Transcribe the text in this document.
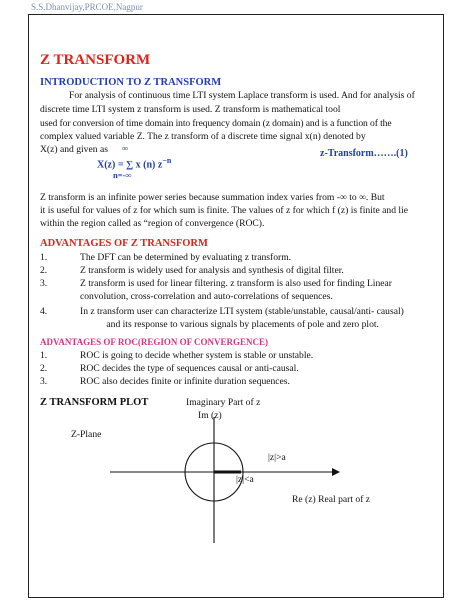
S.S.Dhanvijay,PRCOE,Nagpur
Z TRANSFORM
INTRODUCTION TO Z TRANSFORM
For analysis of continuous time LTI system Laplace transform is used. And for analysis of
discrete time LTI system z transform is used. Z transform is mathematical tool
used for conversion of time domain into frequency domain (z domain) and is a function of the
complex valued variable Z. The z transform of a discrete time signal x(n) denoted by
X(z) and given as ∞
X(z) = ∑ x (n) $z^{-n}$
n=-∞
z-Transform…….(1)
Z transform is an infinite power series because summation index varies from -∞ to ∞. But
it is useful for values of z for which sum is finite. The values of z for which f (z) is finite and lie
within the region called as “region of convergence (ROC).
ADVANTAGES OF Z TRANSFORM
1.	The DFT can be determined by evaluating z transform.
2.	Z transform is widely used for analysis and synthesis of digital filter.
3.	Z transform is used for linear filtering. z transform is also used for finding Linear
convolution, cross-correlation and auto-correlations of sequences.
4.	In z transform user can characterize LTI system (stable/unstable, causal/anti- causal)
and its response to various signals by placements of pole and zero plot.
ADVANTAGES OF ROC(REGION OF CONVERGENCE)
1.	ROC is going to decide whether system is stable or unstable.
2.	ROC decides the type of sequences causal or anti-causal.
3.	ROC also decides finite or infinite duration sequences.
Z TRANSFORM PLOT	Imaginary Part of z
Im (z)
Z-Plane
|z|>a
|z|<a
Re (z) Real part of z
